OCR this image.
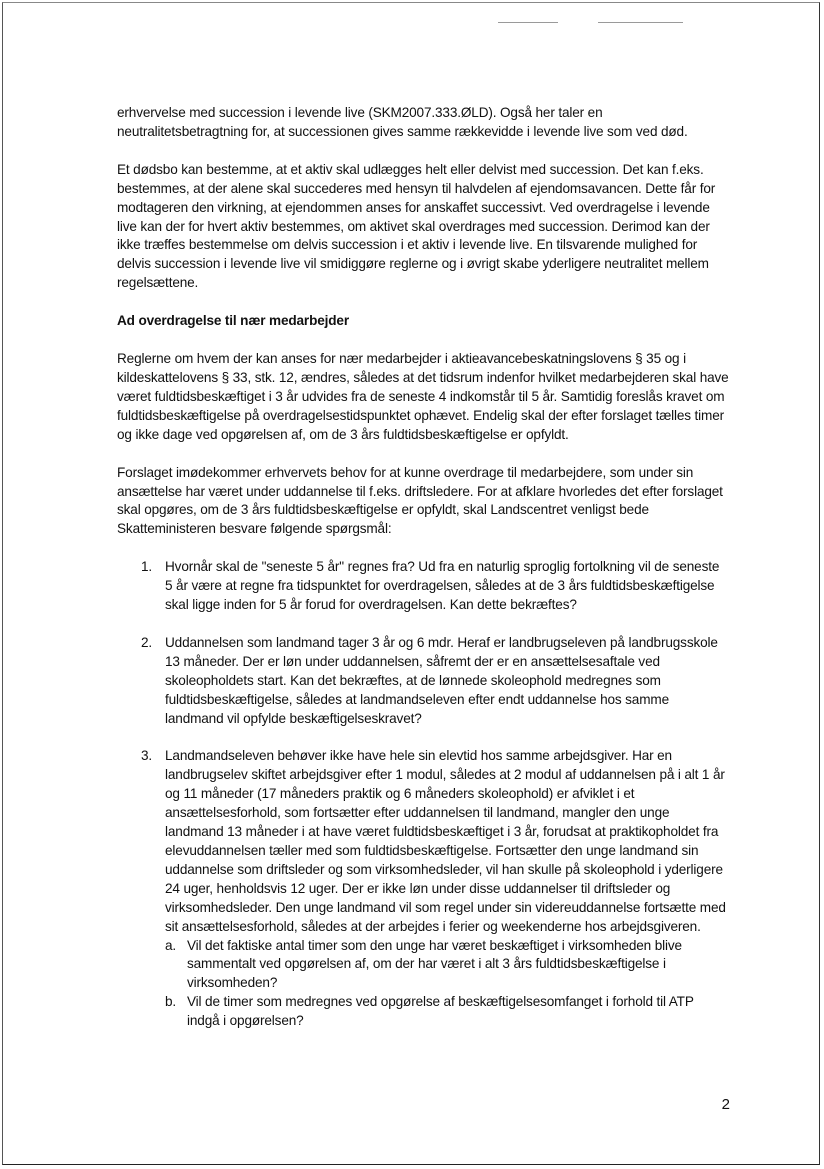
erhvervelse med succession i levende live (SKM2007.333.ØLD). Også her taler en neutralitetsbetragtning for, at successionen gives samme rækkevidde i levende live som ved død.

Et dødsbo kan bestemme, at et aktiv skal udlægges helt eller delvist med succession. Det kan f.eks. bestemmes, at der alene skal succederes med hensyn til halvdelen af ejendomsavancen. Dette får for modtageren den virkning, at ejendommen anses for anskaffet successivt. Ved overdragelse i levende live kan der for hvert aktiv bestemmes, om aktivet skal overdrages med succession. Derimod kan der ikke træffes bestemmelse om delvis succession i et aktiv i levende live. En tilsvarende mulighed for delvis succession i levende live vil smidiggøre reglerne og i øvrigt skabe yderligere neutralitet mellem regelsættene.

Ad overdragelse til nær medarbejder

Reglerne om hvem der kan anses for nær medarbejder i aktieavancebeskatningslovens § 35 og i kildeskattelovens § 33, stk. 12, ændres, således at det tidsrum indenfor hvilket medarbejderen skal have været fuldtidsbeskæftiget i 3 år udvides fra de seneste 4 indkomstår til 5 år. Samtidig foreslås kravet om fuldtidsbeskæftigelse på overdragelsestidspunktet ophævet. Endelig skal der efter forslaget tælles timer og ikke dage ved opgørelsen af, om de 3 års fuldtidsbeskæftigelse er opfyldt.

Forslaget imødekommer erhvervets behov for at kunne overdrage til medarbejdere, som under sin ansættelse har været under uddannelse til f.eks. driftsledere. For at afklare hvorledes det efter forslaget skal opgøres, om de 3 års fuldtidsbeskæftigelse er opfyldt, skal Landscentret venligst bede Skatteministeren besvare følgende spørgsmål:

1. Hvornår skal de "seneste 5 år" regnes fra? Ud fra en naturlig sproglig fortolkning vil de seneste 5 år være at regne fra tidspunktet for overdragelsen, således at de 3 års fuldtidsbeskæftigelse skal ligge inden for 5 år forud for overdragelsen. Kan dette bekræftes?
2. Uddannelsen som landmand tager 3 år og 6 mdr. Heraf er landbrugseleven på landbrugsskole 13 måneder. Der er løn under uddannelsen, såfremt der er en ansættelsesaftale ved skoleopholdets start. Kan det bekræftes, at de lønnede skoleophold medregnes som fuldtidsbeskæftigelse, således at landmandseleven efter endt uddannelse hos samme landmand vil opfylde beskæftigelseskravet?
3. Landmandseleven behøver ikke have hele sin elevtid hos samme arbejdsgiver. Har en landbrugselev skiftet arbejdsgiver efter 1 modul, således at 2 modul af uddannelsen på i alt 1 år og 11 måneder (17 måneders praktik og 6 måneders skoleophold) er afviklet i et ansættelsesforhold, som fortsætter efter uddannelsen til landmand, mangler den unge landmand 13 måneder i at have været fuldtidsbeskæftiget i 3 år, forudsat at praktikopholdet fra elevuddannelsen tæller med som fuldtidsbeskæftigelse. Fortsætter den unge landmand sin uddannelse som driftsleder og som virksomhedsleder, vil han skulle på skoleophold i yderligere 24 uger, henholdsvis 12 uger. Der er ikke løn under disse uddannelser til driftsleder og virksomhedsleder. Den unge landmand vil som regel under sin videreuddannelse fortsætte med sit ansættelsesforhold, således at der arbejdes i ferier og weekenderne hos arbejdsgiveren.
a. Vil det faktiske antal timer som den unge har været beskæftiget i virksomheden blive sammentalt ved opgørelsen af, om der har været i alt 3 års fuldtidsbeskæftigelse i virksomheden?
b. Vil de timer som medregnes ved opgørelse af beskæftigelsesomfanget i forhold til ATP indgå i opgørelsen?
2
